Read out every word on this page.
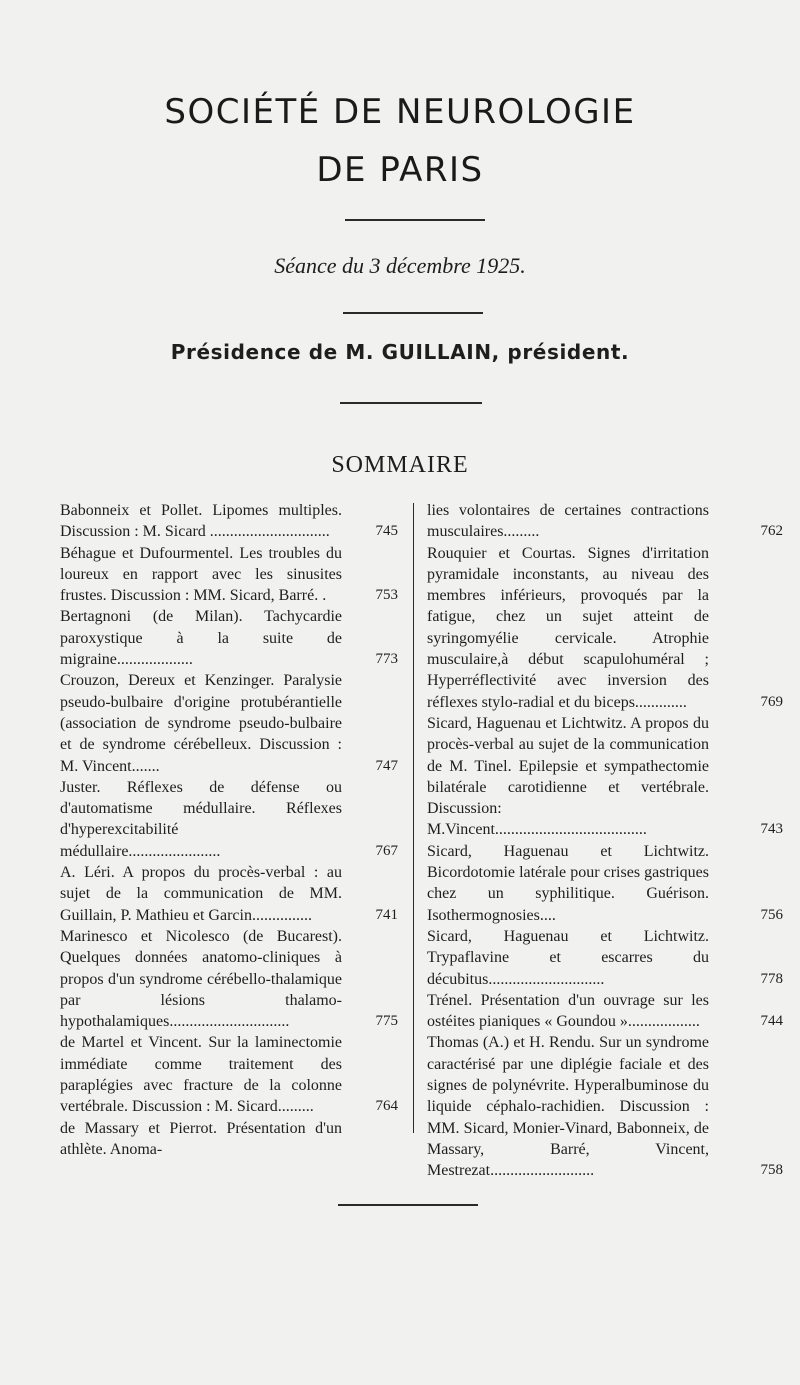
SOCIÉTÉ DE NEUROLOGIE
DE PARIS
Séance du 3 décembre 1925.
Présidence de M. GUILLAIN, président.
SOMMAIRE
Babonneix et Pollet. Lipomes multiples. Discussion : M. Sicard ..............................	745
Béhague et Dufourmentel. Les troubles du loureux en rapport avec les sinusites frustes. Discussion : MM. Sicard, Barré. .	753
Bertagnoni (de Milan). Tachycardie paroxystique à la suite de migraine...................	773
Crouzon, Dereux et Kenzinger. Paralysie pseudo-bulbaire d'origine protubérantielle (association de syndrome pseudo-bulbaire et de syndrome cérébelleux. Discussion : M. Vincent.......	747
Juster. Réflexes de défense ou d'automatisme médullaire. Réflexes d'hyperexcitabilité médullaire.......................	767
A. Léri. A propos du procès-verbal : au sujet de la communication de MM. Guillain, P. Mathieu et Garcin...............	741
Marinesco et Nicolesco (de Bucarest). Quelques données anatomo-cliniques à propos d'un syndrome cérébello-thalamique par lésions thalamo-hypothalamiques..............................	775
de Martel et Vincent. Sur la laminectomie immédiate comme traitement des paraplégies avec fracture de la colonne vertébrale. Discussion : M. Sicard.........	764
de Massary et Pierrot. Présentation d'un athlète. Anoma-
lies volontaires de certaines contractions musculaires.........	762
Rouquier et Courtas. Signes d'irritation pyramidale inconstants, au niveau des membres inférieurs, provoqués par la fatigue, chez un sujet atteint de syringomyélie cervicale. Atrophie musculaire,à début scapulohuméral ; Hyperréflectivité avec inversion des réflexes stylo-radial et du biceps.............	769
Sicard, Haguenau et Lichtwitz. A propos du procès-verbal au sujet de la communication de M. Tinel. Epilepsie et sympathectomie bilatérale carotidienne et vertébrale. Discussion: M.Vincent......................................	743
Sicard, Haguenau et Lichtwitz. Bicordotomie latérale pour crises gastriques chez un syphilitique. Guérison. Isothermognosies....	756
Sicard, Haguenau et Lichtwitz. Trypaflavine et escarres du décubitus.............................	778
Trénel. Présentation d'un ouvrage sur les ostéites pianiques « Goundou »..................	744
Thomas (A.) et H. Rendu. Sur un syndrome caractérisé par une diplégie faciale et des signes de polynévrite. Hyperalbuminose du liquide céphalo-rachidien. Discussion : MM. Sicard, Monier-Vinard, Babonneix, de Massary, Barré, Vincent, Mestrezat..........................	758
